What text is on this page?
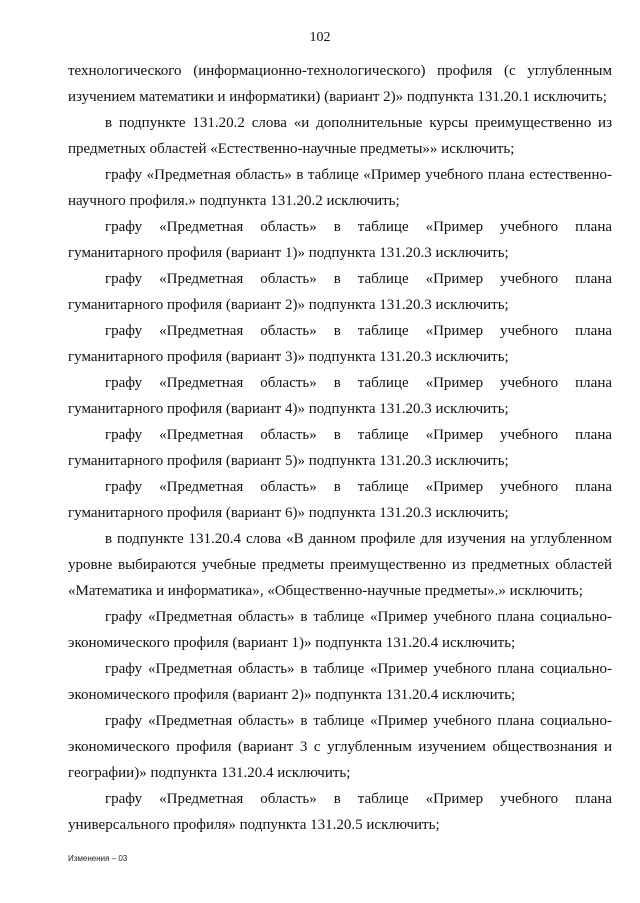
102

технологического (информационно-технологического) профиля (с углубленным изучением математики и информатики) (вариант 2)» подпункта 131.20.1 исключить;

в подпункте 131.20.2 слова «и дополнительные курсы преимущественно из предметных областей «Естественно-научные предметы»» исключить;

графу «Предметная область» в таблице «Пример учебного плана естественно-научного профиля.» подпункта 131.20.2 исключить;

графу «Предметная область» в таблице «Пример учебного плана гуманитарного профиля (вариант 1)» подпункта 131.20.3 исключить;

графу «Предметная область» в таблице «Пример учебного плана гуманитарного профиля (вариант 2)» подпункта 131.20.3 исключить;

графу «Предметная область» в таблице «Пример учебного плана гуманитарного профиля (вариант 3)» подпункта 131.20.3 исключить;

графу «Предметная область» в таблице «Пример учебного плана гуманитарного профиля (вариант 4)» подпункта 131.20.3 исключить;

графу «Предметная область» в таблице «Пример учебного плана гуманитарного профиля (вариант 5)» подпункта 131.20.3 исключить;

графу «Предметная область» в таблице «Пример учебного плана гуманитарного профиля (вариант 6)» подпункта 131.20.3 исключить;

в подпункте 131.20.4 слова «В данном профиле для изучения на углубленном уровне выбираются учебные предметы преимущественно из предметных областей «Математика и информатика», «Общественно-научные предметы».» исключить;

графу «Предметная область» в таблице «Пример учебного плана социально-экономического профиля (вариант 1)» подпункта 131.20.4 исключить;

графу «Предметная область» в таблице «Пример учебного плана социально-экономического профиля (вариант 2)» подпункта 131.20.4 исключить;

графу «Предметная область» в таблице «Пример учебного плана социально-экономического профиля (вариант 3 с углубленным изучением обществознания и географии)» подпункта 131.20.4 исключить;

графу «Предметная область» в таблице «Пример учебного плана универсального профиля» подпункта 131.20.5 исключить;

Изменения – 03
